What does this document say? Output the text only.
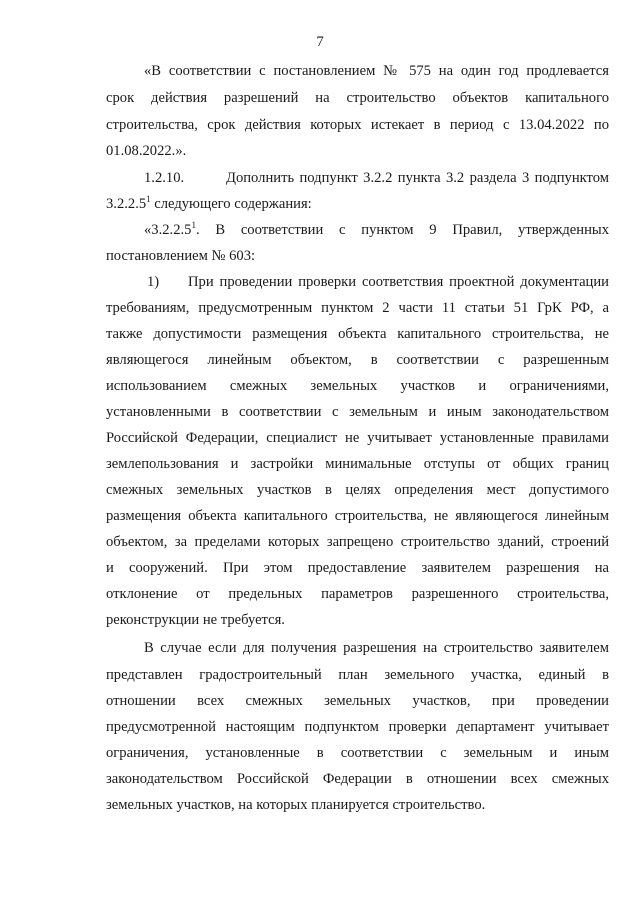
7
«В соответствии с постановлением № 575 на один год продлевается
срок действия разрешений на строительство объектов капитального
строительства, срок действия которых истекает в период с 13.04.2022 по
01.08.2022.».
1.2.10.	Дополнить подпункт 3.2.2 пункта 3.2 раздела 3 подпунктом
3.2.2.5$^1$ следующего содержания:
«3.2.2.5$^1$. В соответствии с пунктом 9 Правил, утвержденных
постановлением № 603:
1) При проведении проверки соответствия проектной документации
требованиям, предусмотренным пунктом 2 части 11 статьи 51 ГрК РФ, а
также допустимости размещения объекта капитального строительства, не
являющегося линейным объектом, в соответствии с разрешенным
использованием смежных земельных участков и ограничениями,
установленными в соответствии с земельным и иным законодательством
Российской Федерации, специалист не учитывает установленные правилами
землепользования и застройки минимальные отступы от общих границ
смежных земельных участков в целях определения мест допустимого
размещения объекта капитального строительства, не являющегося линейным
объектом, за пределами которых запрещено строительство зданий, строений
и сооружений. При этом предоставление заявителем разрешения на
отклонение от предельных параметров разрешенного строительства,
реконструкции не требуется.
В случае если для получения разрешения на строительство заявителем
представлен градостроительный план земельного участка, единый в
отношении всех смежных земельных участков, при проведении
предусмотренной настоящим подпунктом проверки департамент учитывает
ограничения, установленные в соответствии с земельным и иным
законодательством Российской Федерации в отношении всех смежных
земельных участков, на которых планируется строительство.
